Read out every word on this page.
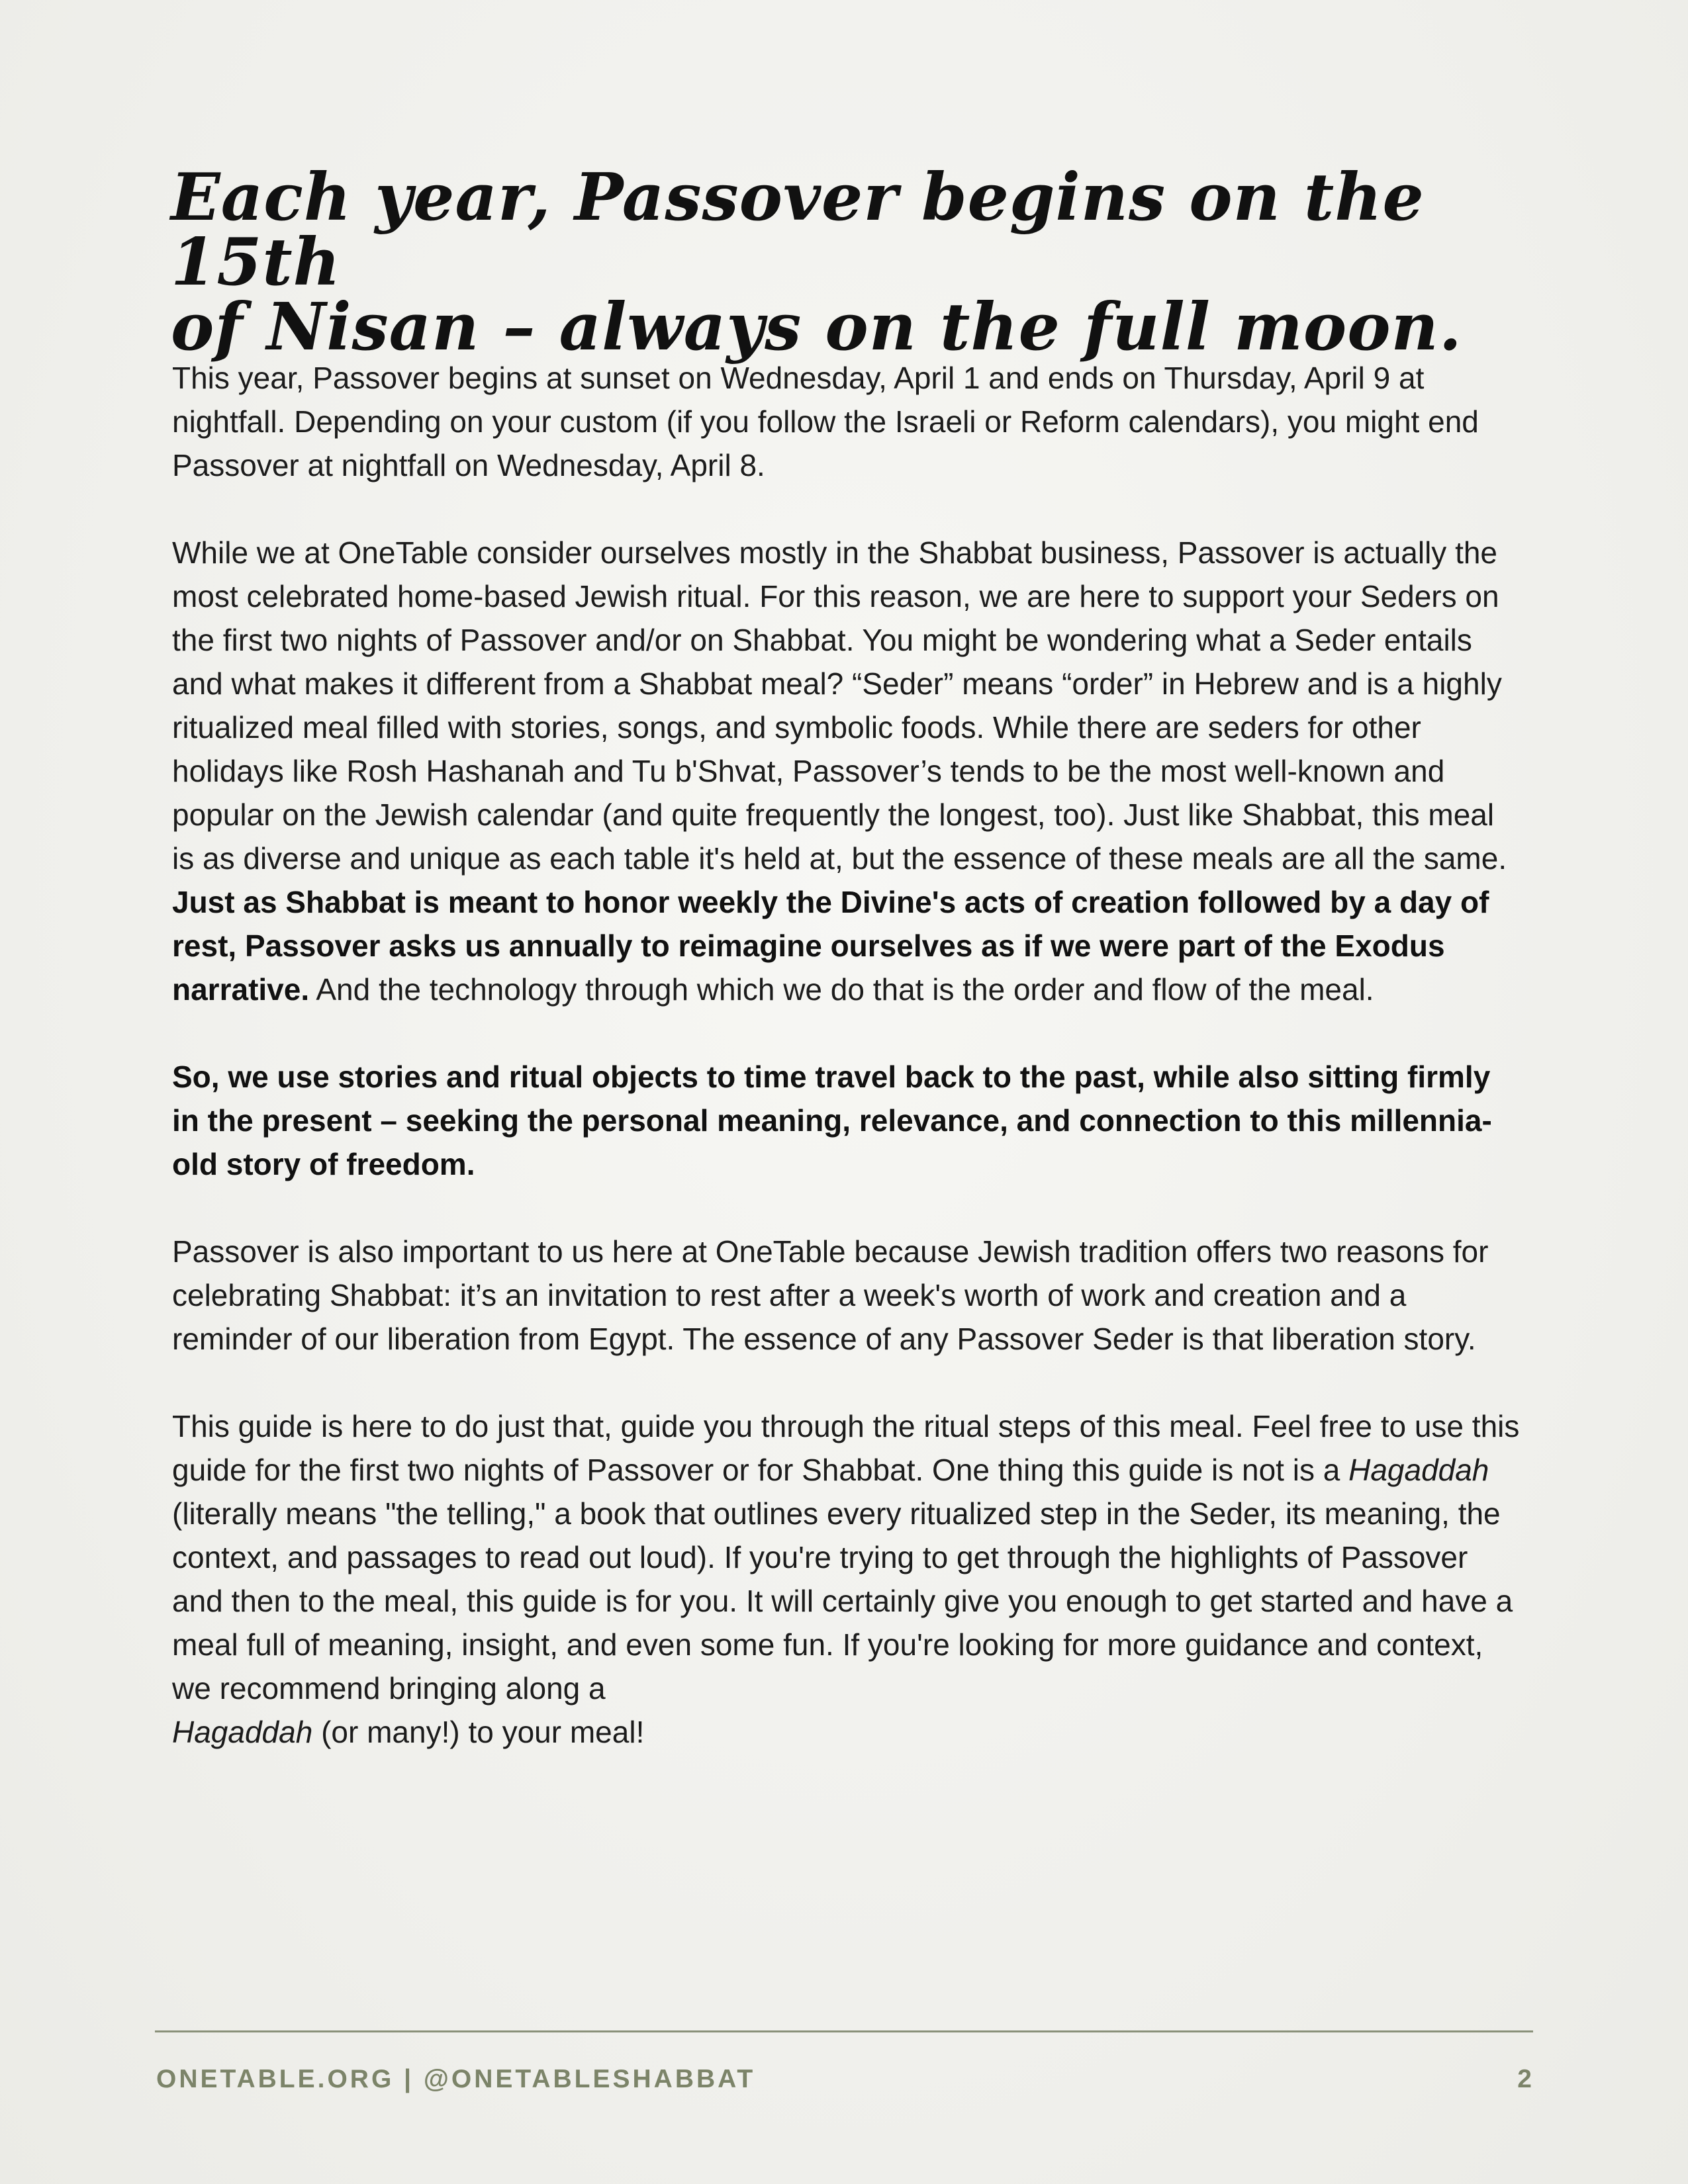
Each year, Passover begins on the 15th
of Nisan – always on the full moon.

This year, Passover begins at sunset on Wednesday, April 1 and ends on Thursday, April 9 at nightfall. Depending on your custom (if you follow the Israeli or Reform calendars), you might end Passover at nightfall on Wednesday, April 8.

While we at OneTable consider ourselves mostly in the Shabbat business, Passover is actually the most celebrated home-based Jewish ritual. For this reason, we are here to support your Seders on the first two nights of Passover and/or on Shabbat. You might be wondering what a Seder entails and what makes it different from a Shabbat meal? “Seder” means “order” in Hebrew and is a highly ritualized meal filled with stories, songs, and symbolic foods. While there are seders for other holidays like Rosh Hashanah and Tu b'Shvat, Passover’s tends to be the most well-known and popular on the Jewish calendar (and quite frequently the longest, too). Just like Shabbat, this meal is as diverse and unique as each table it's held at, but the essence of these meals are all the same. Just as Shabbat is meant to honor weekly the Divine's acts of creation followed by a day of rest, Passover asks us annually to reimagine ourselves as if we were part of the Exodus narrative. And the technology through which we do that is the order and flow of the meal.

So, we use stories and ritual objects to time travel back to the past, while also sitting firmly in the present – seeking the personal meaning, relevance, and connection to this millennia-old story of freedom.

Passover is also important to us here at OneTable because Jewish tradition offers two reasons for celebrating Shabbat: it’s an invitation to rest after a week's worth of work and creation and a reminder of our liberation from Egypt. The essence of any Passover Seder is that liberation story.

This guide is here to do just that, guide you through the ritual steps of this meal. Feel free to use this guide for the first two nights of Passover or for Shabbat. One thing this guide is not is a Hagaddah (literally means "the telling," a book that outlines every ritualized step in the Seder, its meaning, the context, and passages to read out loud). If you're trying to get through the highlights of Passover and then to the meal, this guide is for you. It will certainly give you enough to get started and have a meal full of meaning, insight, and even some fun. If you're looking for more guidance and context, we recommend bringing along a
Hagaddah (or many!) to your meal!

ONETABLE.ORG | @ONETABLESHABBAT	2
